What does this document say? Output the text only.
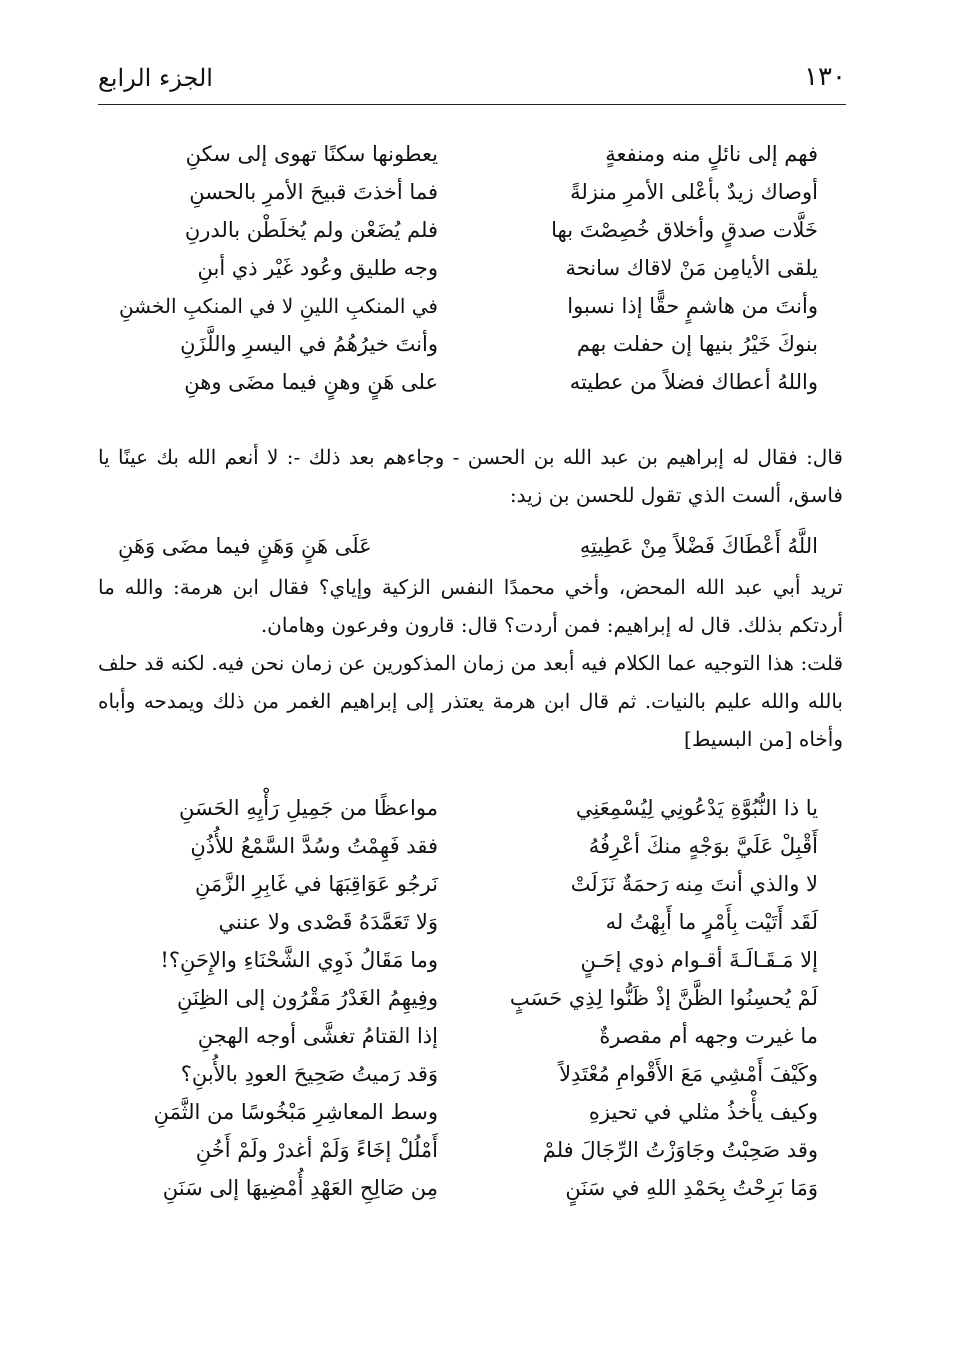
١٣٠
الجزء الرابع
فهم إلى نائلٍ منه ومنفعةٍ
يعطونها سكنًا تهوى إلى سكنِ
أوصاك زيدٌ بأعْلى الأمرِ منزلةً
فما أخذتَ قبيحَ الأمرِ بالحسنِ
خَلَّات صدقٍ وأخلاق خُصِصْتَ بها
فلم يُضَعْن ولم يُخلَطْن بالدرنِ
يلقى الأيامِن مَنْ لاقاك سانحة
وجه طليق وعُود غَيْر ذي أبنِ
وأنتَ من هاشمٍ حقًّا إذا نسبوا
في المنكبِ اللينِ لا في المنكبِ الخشنِ
بنوكَ خَيْرُ بنيها إن حفلت بهم
وأنتَ خيرُهُمُ في اليسرِ واللَّزَنِ
واللهُ أعطاك فضلاً من عطيته
على هَنٍ وهنٍ فيما مضَى وهنِ

قال: فقال له إبراهيم بن عبد الله بن الحسن - وجاءهم بعد ذلك -: لا أنعم الله بك عينًا يا فاسق، ألست الذي تقول للحسن بن زيد:

اللَّهُ أَعْطَاكَ فَضْلاً مِنْ عَطِيتِهِ
عَلَى هَنٍ وَهَنٍ فيما مضَى وَهَنِ

تريد أبي عبد الله المحض، وأخي محمدًا النفس الزكية وإياي؟ فقال ابن هرمة: والله ما أردتكم بذلك. قال له إبراهيم: فمن أردت؟ قال: قارون وفرعون وهامان.

قلت: هذا التوجيه عما الكلام فيه أبعد من زمان المذكورين عن زمان نحن فيه. لكنه قد حلف بالله والله عليم بالنيات. ثم قال ابن هرمة يعتذر إلى إبراهيم الغمر من ذلك ويمدحه وأباه وأخاه [من البسيط]

يا ذا النُّبُوَّةِ يَدْعُونِي لِيُسْمِعَنِي
مواعظًا من جَمِيلِ رَأْيِهِ الحَسَنِ
أَقْبِلْ عَلَيَّ بوَجْهٍ منكَ أعْرِفُهُ
فقد فَهِمْتُ وسُدَّ السَّمْعُ للأُذُنِ
لا والذي أنتَ مِنه رَحمَةٌ نَزَلَتْ
نَرجُو عَوَاقِبَهَا في غَابِرِ الزَّمَنِ
لَقَد أَتَيْت بِأَمْرٍ ما أَبِهْتُ له
وَلا تَعَمَّدَهُ قَصْدى ولا عنني
إلا مَـقَـالَـةَ أقـوام ذوي إحَـنٍ
وما مَقَالُ ذَوِي الشَّحْنَاءِ والإِحَنِ؟!
لَمْ يُحسِنُوا الظَّنَّ إذْ ظَنُّوا لِذِي حَسَبٍ
وفِيهِمُ الغَدْرُ مَقْرُون إلى الظِنَنِ
ما غيرت وجهه أم مقصرةٌ
إذا القتامُ تغشَّى أوجه الهجنِ
وكَيْفَ أَمْشِي مَعَ الأَقْوامِ مُعْتَدِلاً
وَقد رَميتُ صَحِيحَ العودِ بالأُبنِ؟
وكيف يأْخذُ مثلي في تحيزهِ
وسط المعاشِرِ مَبْخُوسًا من الثَّمَنِ
وقد صَحِبْتُ وجَاوَزْتُ الرِّجَالَ فلمْ
أَمْلُلْ إخَاءً وَلَمْ أغدرْ ولَمْ أَخُنِ
وَمَا بَرِحْتُ بِحَمْدِ اللهِ في سَنَنٍ
مِن صَالِحِ العَهْدِ أُمْضِيهَا إلى سَنَنِ
